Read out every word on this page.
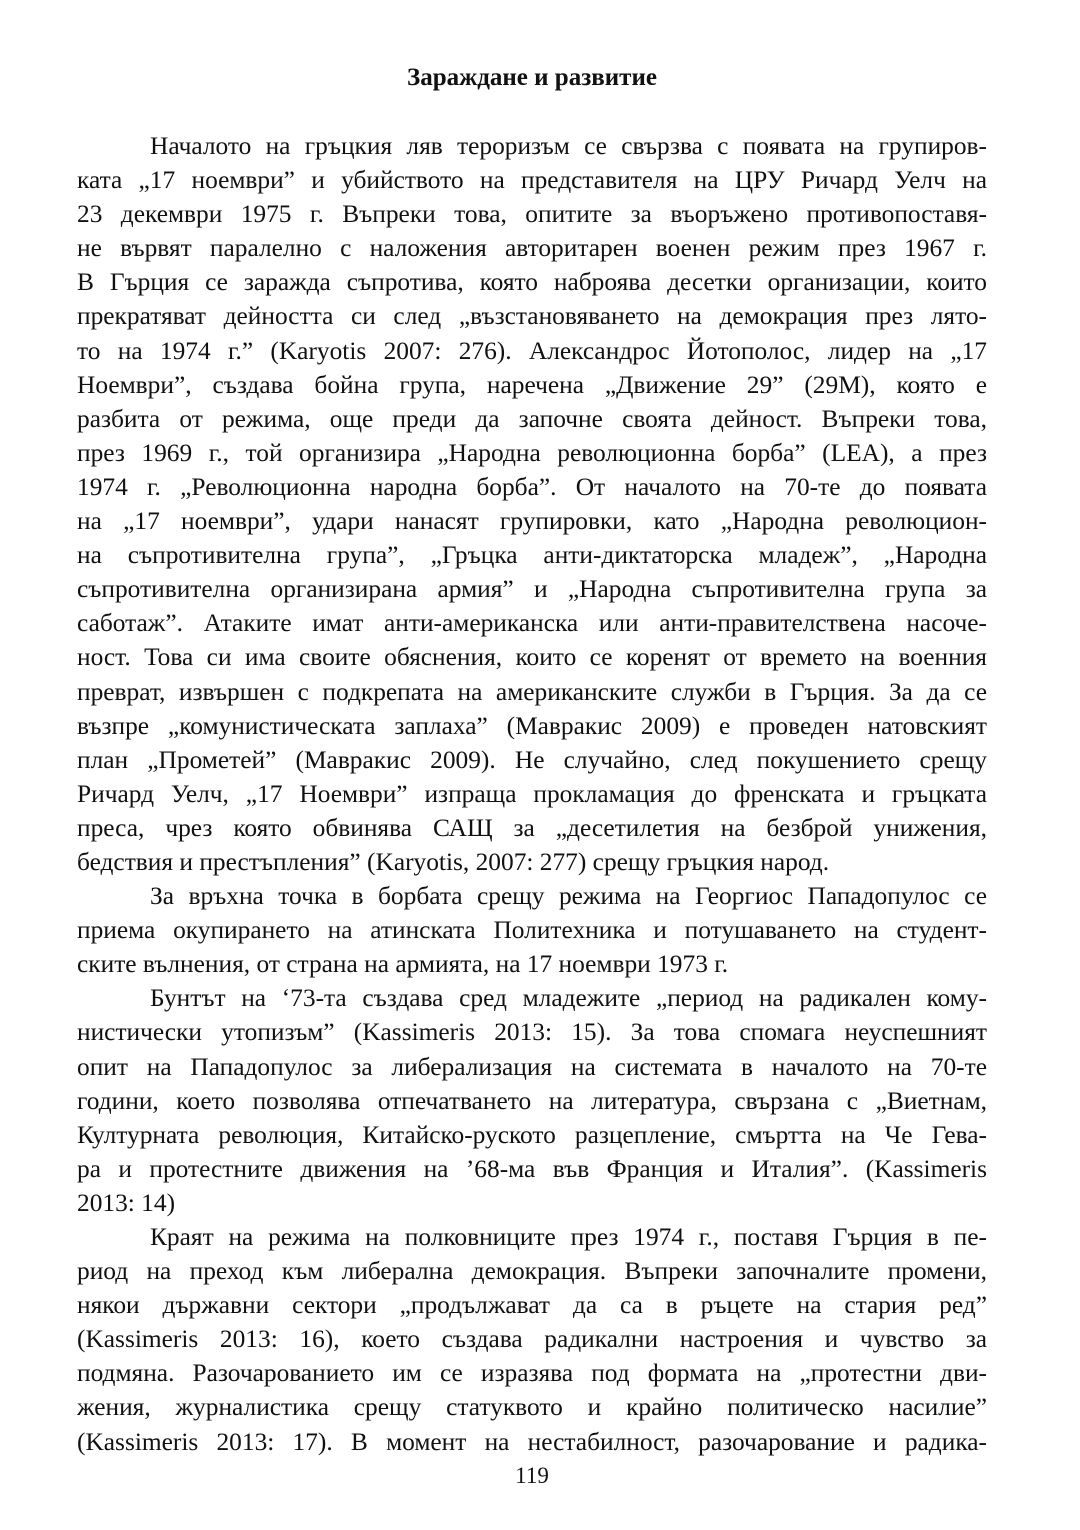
Зараждане и развитие
Началото на гръцкия ляв тероризъм се свързва с появата на групиров-
ката „17 ноември” и убийството на представителя на ЦРУ Ричард Уелч на
23 декември 1975 г. Въпреки това, опитите за въоръжено противопоставя-
не вървят паралелно с наложения авторитарен военен режим през 1967 г.
В Гърция се заражда съпротива, която наброява десетки организации, които
прекратяват дейността си след „възстановяването на демокрация през лято-
то на 1974 г.” (Karyotis 2007: 276). Александрос Йотополос, лидер на „17
Ноември”, създава бойна група, наречена „Движение 29” (29M), която е
разбита от режима, още преди да започне своята дейност. Въпреки това,
през 1969 г., той организира „Народна революционна борба” (LEA), а през
1974 г. „Революционна народна борба”. От началото на 70-те до появата
на „17 ноември”, удари нанасят групировки, като „Народна революцион-
на съпротивителна група”, „Гръцка анти-диктаторска младеж”, „Народна
съпротивителна организирана армия” и „Народна съпротивителна група за
саботаж”. Атаките имат анти-американска или анти-правителствена насоче-
ност. Това си има своите обяснения, които се коренят от времето на военния
преврат, извършен с подкрепата на американските служби в Гърция. За да се
възпре „комунистическата заплаха” (Мавракис 2009) е проведен натовският
план „Прометей” (Мавракис 2009). Не случайно, след покушението срещу
Ричард Уелч, „17 Ноември” изпраща прокламация до френската и гръцката
преса, чрез която обвинява САЩ за „десетилетия на безброй унижения,
бедствия и престъпления” (Karyotis, 2007: 277) срещу гръцкия народ.
За връхна точка в борбата срещу режима на Георгиос Пападопулос се
приема окупирането на атинската Политехника и потушаването на студент-
ските вълнения, от страна на армията, на 17 ноември 1973 г.
Бунтът на ‘73-та създава сред младежите „период на радикален кому-
нистически утопизъм” (Kassimeris 2013: 15). За това спомага неуспешният
опит на Пападопулос за либерализация на системата в началото на 70-те
години, което позволява отпечатването на литература, свързана с „Виетнам,
Културната революция, Китайско-руското разцепление, смъртта на Че Гева-
ра и протестните движения на ’68-ма във Франция и Италия”. (Kassimeris
2013: 14)
Краят на режима на полковниците през 1974 г., поставя Гърция в пе-
риод на преход към либерална демокрация. Въпреки започналите промени,
някои държавни сектори „продължават да са в ръцете на стария ред”
(Kassimeris 2013: 16), което създава радикални настроения и чувство за
подмяна. Разочарованието им се изразява под формата на „протестни дви-
жения, журналистика срещу статуквото и крайно политическо насилие”
(Kassimeris 2013: 17). В момент на нестабилност, разочарование и радика-
119
